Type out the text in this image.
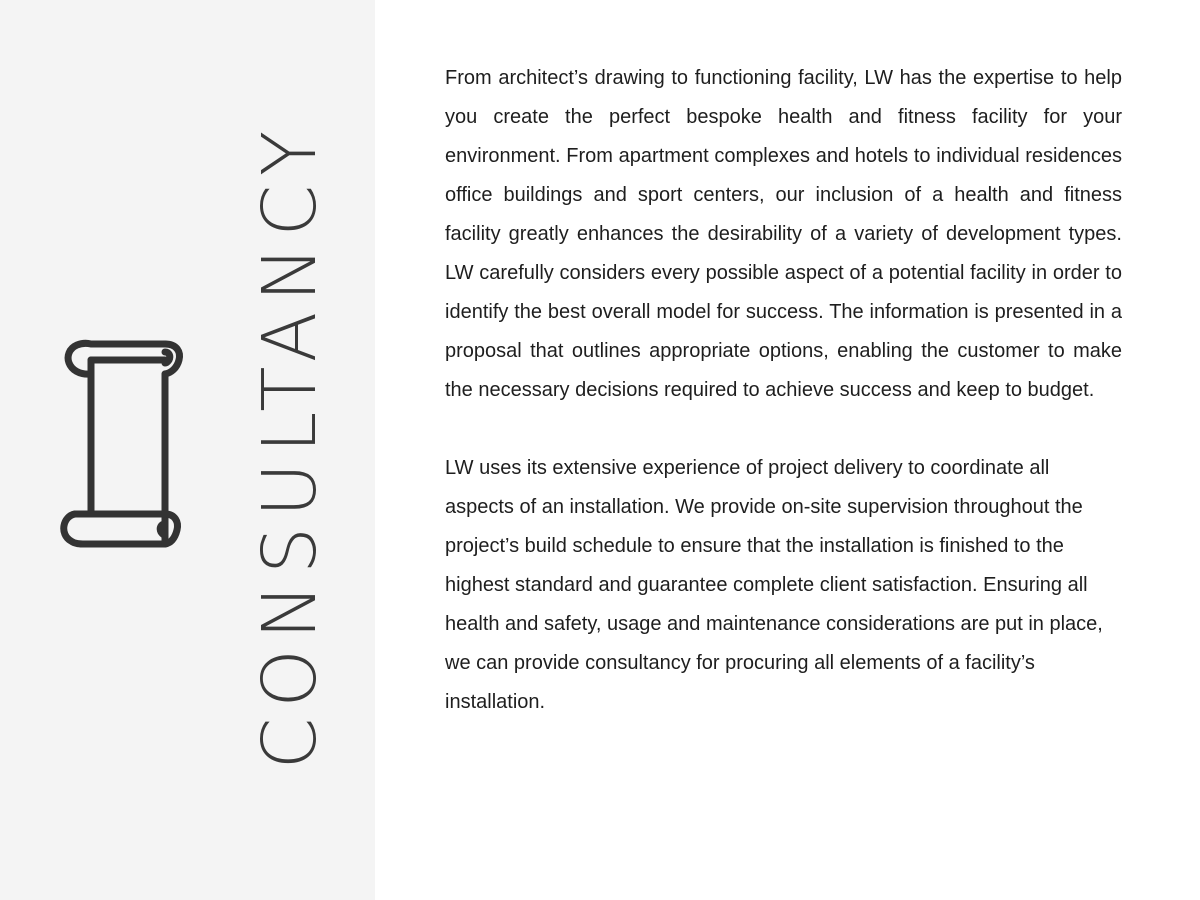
CONSULTANCY

From architect’s drawing to functioning facility, LW has the expertise to help you create the perfect bespoke health and fitness facility for your environment. From apartment complexes and hotels to individual residences office buildings and sport centers, our inclusion of a health and fitness facility greatly enhances the desirability of a variety of development types. LW carefully considers every possible aspect of a potential facility in order to identify the best overall model for success. The information is presented in a proposal that outlines appropriate options, enabling the customer to make the necessary decisions required to achieve success and keep to budget.

LW uses its extensive experience of project delivery to coordinate all aspects of an installation. We provide on-site supervision throughout the project’s build schedule to ensure that the installation is finished to the highest standard and guarantee complete client satisfaction. Ensuring all health and safety, usage and maintenance considerations are put in place, we can provide consultancy for procuring all elements of a facility’s installation.
